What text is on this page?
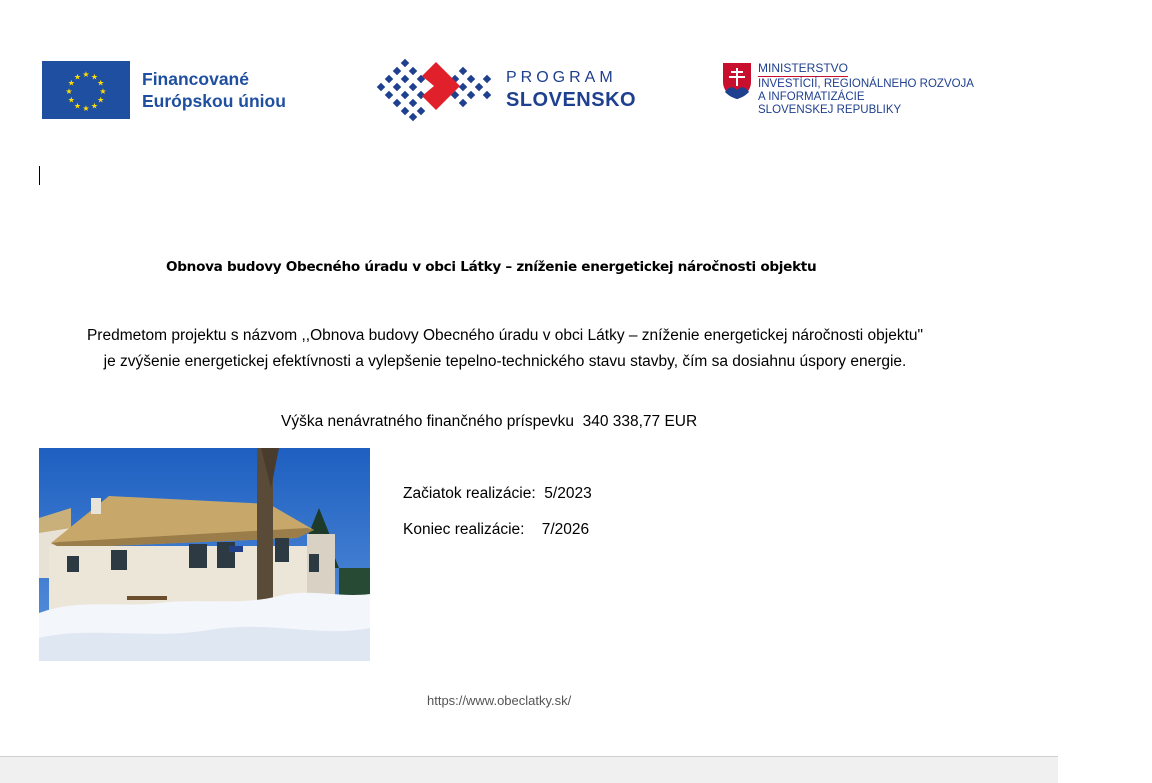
★ ★
★
★
★
★
★
★
★
★
★
★	Financované
Európskou úniou
PROGRAM
SLOVENSKO
MINISTERSTVO
INVESTÍCIÍ, REGIONÁLNEHO ROZVOJA
A INFORMATIZÁCIE
SLOVENSKEJ REPUBLIKY
Obnova budovy Obecného úradu v obci Látky – zníženie energetickej náročnosti objektu
Predmetom projektu s názvom ,,Obnova budovy Obecného úradu v obci Látky – zníženie energetickej náročnosti objektu"
je zvýšenie energetickej efektívnosti a vylepšenie tepelno-technického stavu stavby, čím sa dosiahnu úspory energie.
Výška nenávratného finančného príspevku  340 338,77 EUR
Začiatok realizácie:  5/2023
Koniec realizácie:    7/2026
https://www.obeclatky.sk/
